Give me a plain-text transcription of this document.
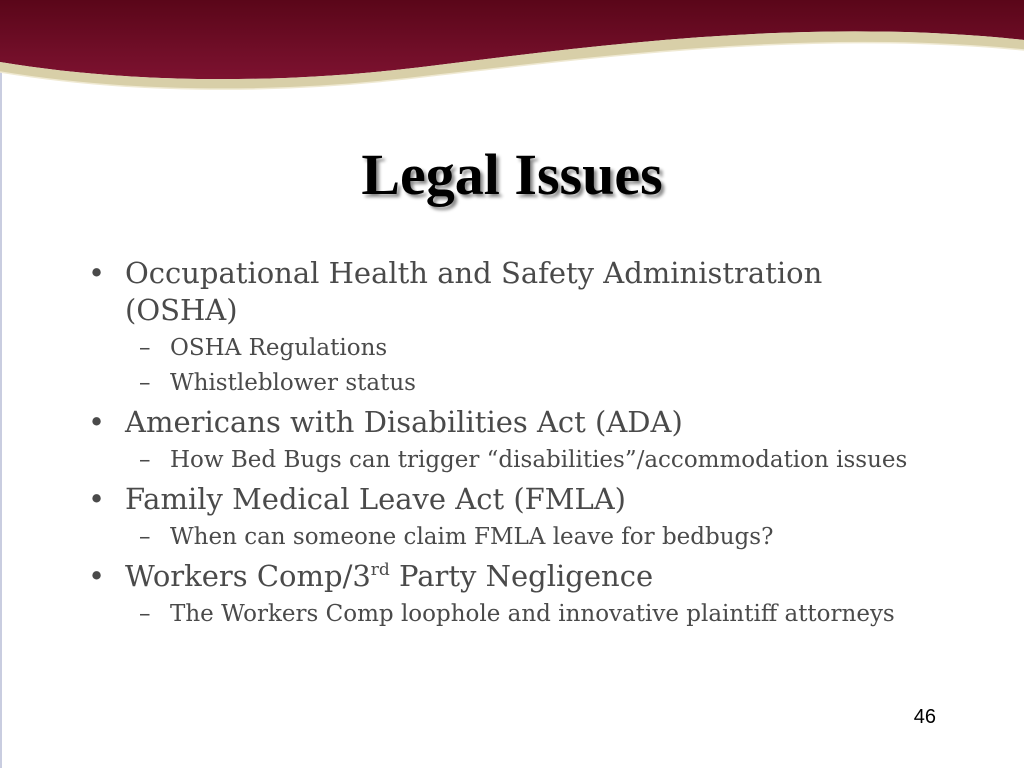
Legal Issues
• Occupational Health and Safety Administration (OSHA)
– OSHA Regulations
– Whistleblower status
• Americans with Disabilities Act (ADA)
– How Bed Bugs can trigger “disabilities”/accommodation issues
• Family Medical Leave Act (FMLA)
– When can someone claim FMLA leave for bedbugs?
• Workers Comp/3rd Party Negligence
– The Workers Comp loophole and innovative plaintiff attorneys
46
